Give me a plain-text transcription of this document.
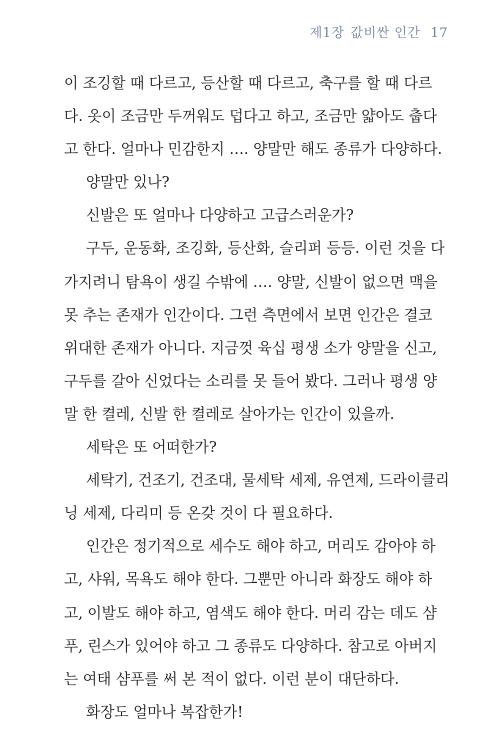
제1장 값비싼 인간 17
이 조깅할 때 다르고, 등산할 때 다르고, 축구를 할 때 다르
다. 옷이 조금만 두꺼워도 덥다고 하고, 조금만 얇아도 춥다
고 한다. 얼마나 민감한지 …. 양말만 해도 종류가 다양하다.
양말만 있나?
신발은 또 얼마나 다양하고 고급스러운가?
구두, 운동화, 조깅화, 등산화, 슬리퍼 등등. 이런 것을 다
가지려니 탐욕이 생길 수밖에 …. 양말, 신발이 없으면 맥을
못 추는 존재가 인간이다. 그런 측면에서 보면 인간은 결코
위대한 존재가 아니다. 지금껏 육십 평생 소가 양말을 신고,
구두를 갈아 신었다는 소리를 못 들어 봤다. 그러나 평생 양
말 한 켤레, 신발 한 켤레로 살아가는 인간이 있을까.
세탁은 또 어떠한가?
세탁기, 건조기, 건조대, 물세탁 세제, 유연제, 드라이클리
닝 세제, 다리미 등 온갖 것이 다 필요하다.
인간은 정기적으로 세수도 해야 하고, 머리도 감아야 하
고, 샤워, 목욕도 해야 한다. 그뿐만 아니라 화장도 해야 하
고, 이발도 해야 하고, 염색도 해야 한다. 머리 감는 데도 샴
푸, 린스가 있어야 하고 그 종류도 다양하다. 참고로 아버지
는 여태 샴푸를 써 본 적이 없다. 이런 분이 대단하다.
화장도 얼마나 복잡한가!
